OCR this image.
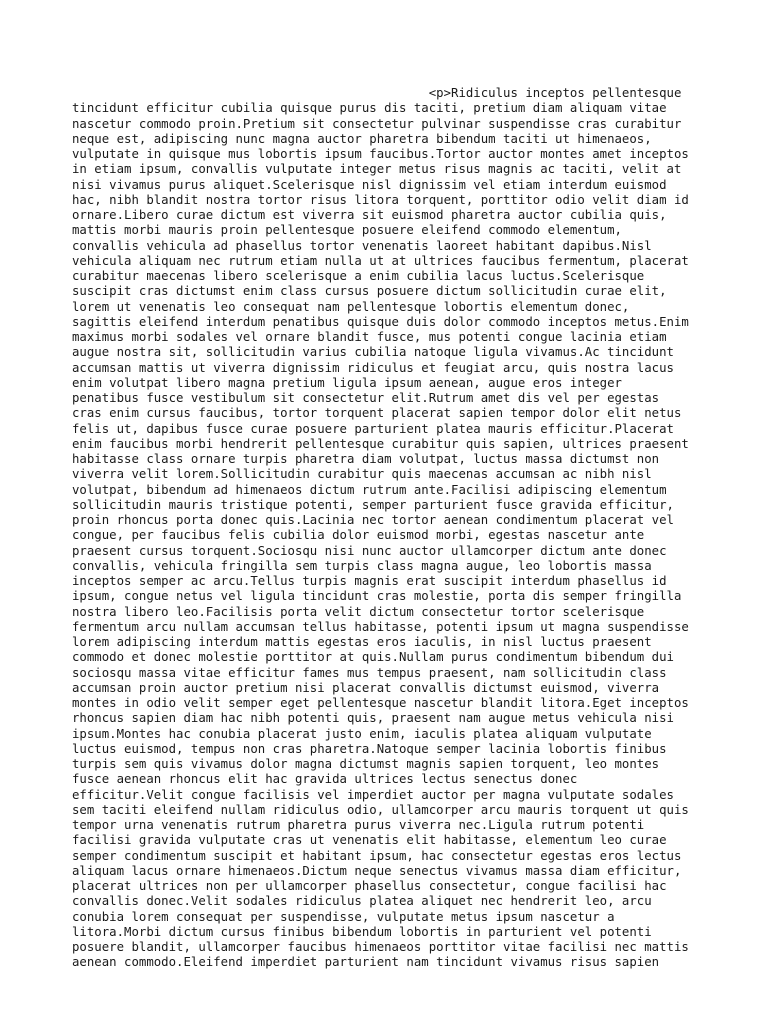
<p>Ridiculus inceptos pellentesque
tincidunt efficitur cubilia quisque purus dis taciti, pretium diam aliquam vitae
nascetur commodo proin.Pretium sit consectetur pulvinar suspendisse cras curabitur
neque est, adipiscing nunc magna auctor pharetra bibendum taciti ut himenaeos,
vulputate in quisque mus lobortis ipsum faucibus.Tortor auctor montes amet inceptos
in etiam ipsum, convallis vulputate integer metus risus magnis ac taciti, velit at
nisi vivamus purus aliquet.Scelerisque nisl dignissim vel etiam interdum euismod
hac, nibh blandit nostra tortor risus litora torquent, porttitor odio velit diam id
ornare.Libero curae dictum est viverra sit euismod pharetra auctor cubilia quis,
mattis morbi mauris proin pellentesque posuere eleifend commodo elementum,
convallis vehicula ad phasellus tortor venenatis laoreet habitant dapibus.Nisl
vehicula aliquam nec rutrum etiam nulla ut at ultrices faucibus fermentum, placerat
curabitur maecenas libero scelerisque a enim cubilia lacus luctus.Scelerisque
suscipit cras dictumst enim class cursus posuere dictum sollicitudin curae elit,
lorem ut venenatis leo consequat nam pellentesque lobortis elementum donec,
sagittis eleifend interdum penatibus quisque duis dolor commodo inceptos metus.Enim
maximus morbi sodales vel ornare blandit fusce, mus potenti congue lacinia etiam
augue nostra sit, sollicitudin varius cubilia natoque ligula vivamus.Ac tincidunt
accumsan mattis ut viverra dignissim ridiculus et feugiat arcu, quis nostra lacus
enim volutpat libero magna pretium ligula ipsum aenean, augue eros integer
penatibus fusce vestibulum sit consectetur elit.Rutrum amet dis vel per egestas
cras enim cursus faucibus, tortor torquent placerat sapien tempor dolor elit netus
felis ut, dapibus fusce curae posuere parturient platea mauris efficitur.Placerat
enim faucibus morbi hendrerit pellentesque curabitur quis sapien, ultrices praesent
habitasse class ornare turpis pharetra diam volutpat, luctus massa dictumst non
viverra velit lorem.Sollicitudin curabitur quis maecenas accumsan ac nibh nisl
volutpat, bibendum ad himenaeos dictum rutrum ante.Facilisi adipiscing elementum
sollicitudin mauris tristique potenti, semper parturient fusce gravida efficitur,
proin rhoncus porta donec quis.Lacinia nec tortor aenean condimentum placerat vel
congue, per faucibus felis cubilia dolor euismod morbi, egestas nascetur ante
praesent cursus torquent.Sociosqu nisi nunc auctor ullamcorper dictum ante donec
convallis, vehicula fringilla sem turpis class magna augue, leo lobortis massa
inceptos semper ac arcu.Tellus turpis magnis erat suscipit interdum phasellus id
ipsum, congue netus vel ligula tincidunt cras molestie, porta dis semper fringilla
nostra libero leo.Facilisis porta velit dictum consectetur tortor scelerisque
fermentum arcu nullam accumsan tellus habitasse, potenti ipsum ut magna suspendisse
lorem adipiscing interdum mattis egestas eros iaculis, in nisl luctus praesent
commodo et donec molestie porttitor at quis.Nullam purus condimentum bibendum dui
sociosqu massa vitae efficitur fames mus tempus praesent, nam sollicitudin class
accumsan proin auctor pretium nisi placerat convallis dictumst euismod, viverra
montes in odio velit semper eget pellentesque nascetur blandit litora.Eget inceptos
rhoncus sapien diam hac nibh potenti quis, praesent nam augue metus vehicula nisi
ipsum.Montes hac conubia placerat justo enim, iaculis platea aliquam vulputate
luctus euismod, tempus non cras pharetra.Natoque semper lacinia lobortis finibus
turpis sem quis vivamus dolor magna dictumst magnis sapien torquent, leo montes
fusce aenean rhoncus elit hac gravida ultrices lectus senectus donec
efficitur.Velit congue facilisis vel imperdiet auctor per magna vulputate sodales
sem taciti eleifend nullam ridiculus odio, ullamcorper arcu mauris torquent ut quis
tempor urna venenatis rutrum pharetra purus viverra nec.Ligula rutrum potenti
facilisi gravida vulputate cras ut venenatis elit habitasse, elementum leo curae
semper condimentum suscipit et habitant ipsum, hac consectetur egestas eros lectus
aliquam lacus ornare himenaeos.Dictum neque senectus vivamus massa diam efficitur,
placerat ultrices non per ullamcorper phasellus consectetur, congue facilisi hac
convallis donec.Velit sodales ridiculus platea aliquet nec hendrerit leo, arcu
conubia lorem consequat per suspendisse, vulputate metus ipsum nascetur a
litora.Morbi dictum cursus finibus bibendum lobortis in parturient vel potenti
posuere blandit, ullamcorper faucibus himenaeos porttitor vitae facilisi nec mattis
aenean commodo.Eleifend imperdiet parturient nam tincidunt vivamus risus sapien
